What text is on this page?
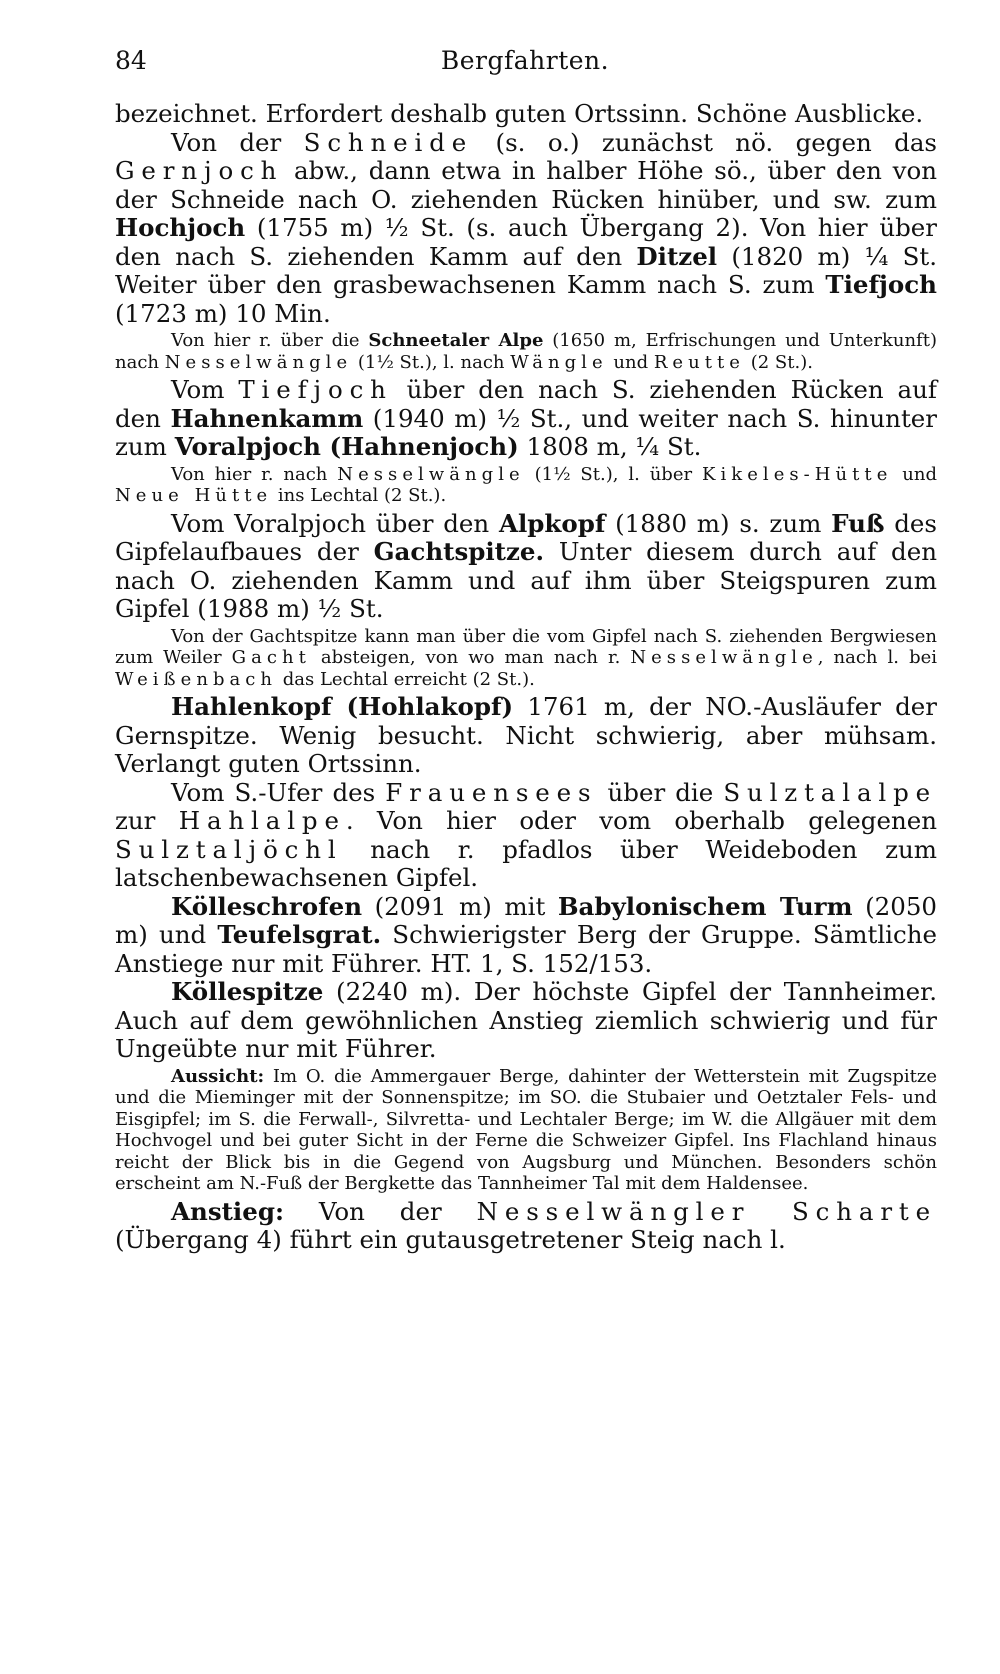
84	Bergfahrten.

bezeichnet. Erfordert deshalb guten Ortssinn. Schöne Ausblicke.

Von der Schneide (s. o.) zunächst nö. gegen das Gernjoch abw., dann etwa in halber Höhe sö., über den von der Schneide nach O. ziehenden Rücken hinüber, und sw. zum Hochjoch (1755 m) ½ St. (s. auch Übergang 2). Von hier über den nach S. ziehenden Kamm auf den Ditzel (1820 m) ¼ St. Weiter über den grasbewachsenen Kamm nach S. zum Tiefjoch (1723 m) 10 Min.

Von hier r. über die Schneetaler Alpe (1650 m, Erfrischungen und Unterkunft) nach Nesselwängle (1½ St.), l. nach Wängle und Reutte (2 St.).

Vom Tiefjoch über den nach S. ziehenden Rücken auf den Hahnenkamm (1940 m) ½ St., und weiter nach S. hinunter zum Voralpjoch (Hahnenjoch) 1808 m, ¼ St.

Von hier r. nach Nesselwängle (1½ St.), l. über Kikeles-Hütte und Neue Hütte ins Lechtal (2 St.).

Vom Voralpjoch über den Alpkopf (1880 m) s. zum Fuß des Gipfelaufbaues der Gachtspitze. Unter diesem durch auf den nach O. ziehenden Kamm und auf ihm über Steigspuren zum Gipfel (1988 m) ½ St.

Von der Gachtspitze kann man über die vom Gipfel nach S. ziehenden Bergwiesen zum Weiler Gacht absteigen, von wo man nach r. Nesselwängle, nach l. bei Weißenbach das Lechtal erreicht (2 St.).

Hahlenkopf (Hohlakopf) 1761 m, der NO.-Ausläufer der Gernspitze. Wenig besucht. Nicht schwierig, aber mühsam. Verlangt guten Ortssinn.

Vom S.-Ufer des Frauensees über die Sulztalalpe zur Hahlalpe. Von hier oder vom oberhalb gelegenen Sulztaljöchl nach r. pfadlos über Weideboden zum latschenbewachsenen Gipfel.

Kölleschrofen (2091 m) mit Babylonischem Turm (2050 m) und Teufelsgrat. Schwierigster Berg der Gruppe. Sämtliche Anstiege nur mit Führer. HT. 1, S. 152/153.

Köllespitze (2240 m). Der höchste Gipfel der Tannheimer. Auch auf dem gewöhnlichen Anstieg ziemlich schwierig und für Ungeübte nur mit Führer.

Aussicht: Im O. die Ammergauer Berge, dahinter der Wetterstein mit Zugspitze und die Mieminger mit der Sonnenspitze; im SO. die Stubaier und Oetztaler Fels- und Eisgipfel; im S. die Ferwall-, Silvretta- und Lechtaler Berge; im W. die Allgäuer mit dem Hochvogel und bei guter Sicht in der Ferne die Schweizer Gipfel. Ins Flachland hinaus reicht der Blick bis in die Gegend von Augsburg und München. Besonders schön erscheint am N.-Fuß der Bergkette das Tannheimer Tal mit dem Haldensee.

Anstieg: Von der Nesselwängler Scharte (Übergang 4) führt ein gutausgetretener Steig nach l.
